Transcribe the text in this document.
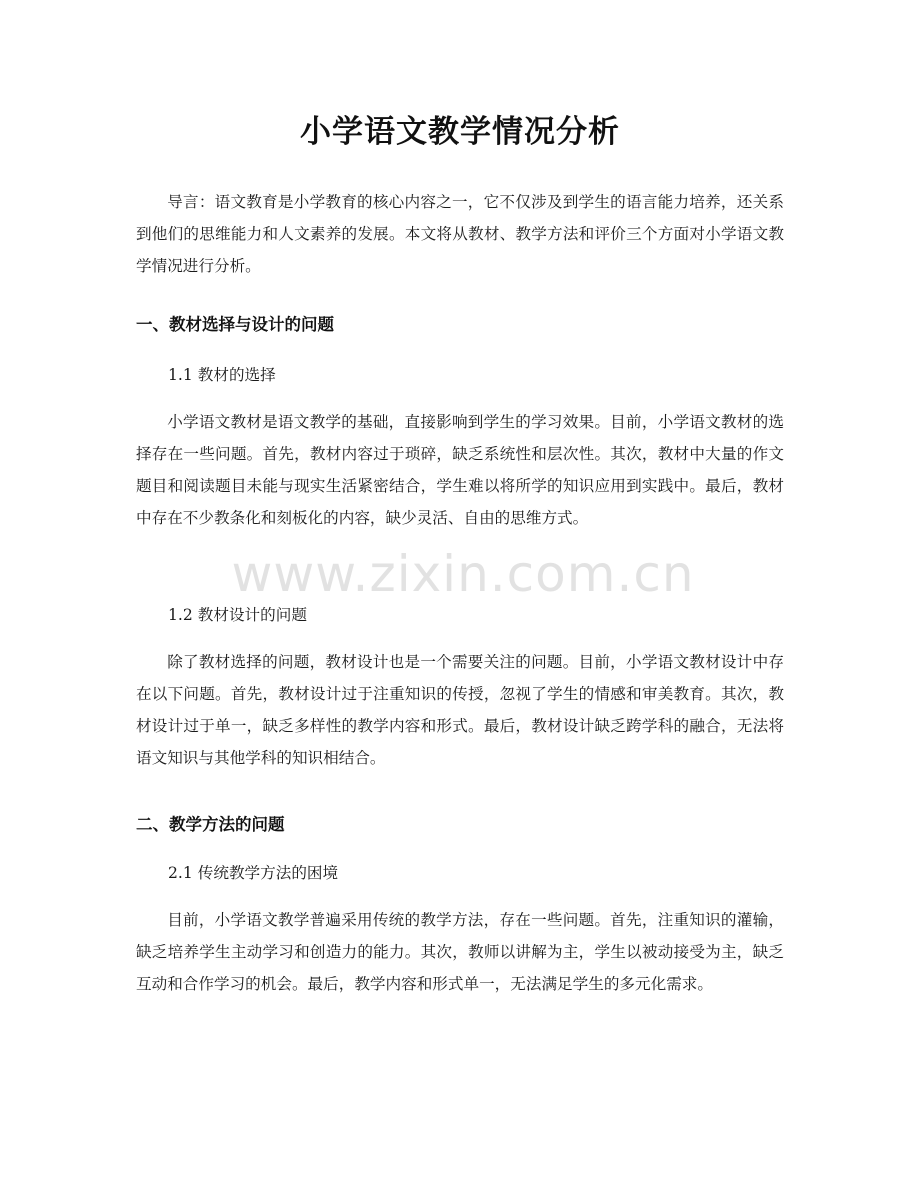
小学语文教学情况分析
导言：语文教育是小学教育的核心内容之一，它不仅涉及到学生的语言能力培养，还关系到他们的思维能力和人文素养的发展。本文将从教材、教学方法和评价三个方面对小学语文教学情况进行分析。
一、教材选择与设计的问题
1.1 教材的选择
小学语文教材是语文教学的基础，直接影响到学生的学习效果。目前，小学语文教材的选择存在一些问题。首先，教材内容过于琐碎，缺乏系统性和层次性。其次，教材中大量的作文题目和阅读题目未能与现实生活紧密结合，学生难以将所学的知识应用到实践中。最后，教材中存在不少教条化和刻板化的内容，缺少灵活、自由的思维方式。
1.2 教材设计的问题
除了教材选择的问题，教材设计也是一个需要关注的问题。目前，小学语文教材设计中存在以下问题。首先，教材设计过于注重知识的传授，忽视了学生的情感和审美教育。其次，教材设计过于单一，缺乏多样性的教学内容和形式。最后，教材设计缺乏跨学科的融合，无法将语文知识与其他学科的知识相结合。
二、教学方法的问题
2.1 传统教学方法的困境
目前，小学语文教学普遍采用传统的教学方法，存在一些问题。首先，注重知识的灌输，缺乏培养学生主动学习和创造力的能力。其次，教师以讲解为主，学生以被动接受为主，缺乏互动和合作学习的机会。最后，教学内容和形式单一，无法满足学生的多元化需求。
www.zixin.com.cn
